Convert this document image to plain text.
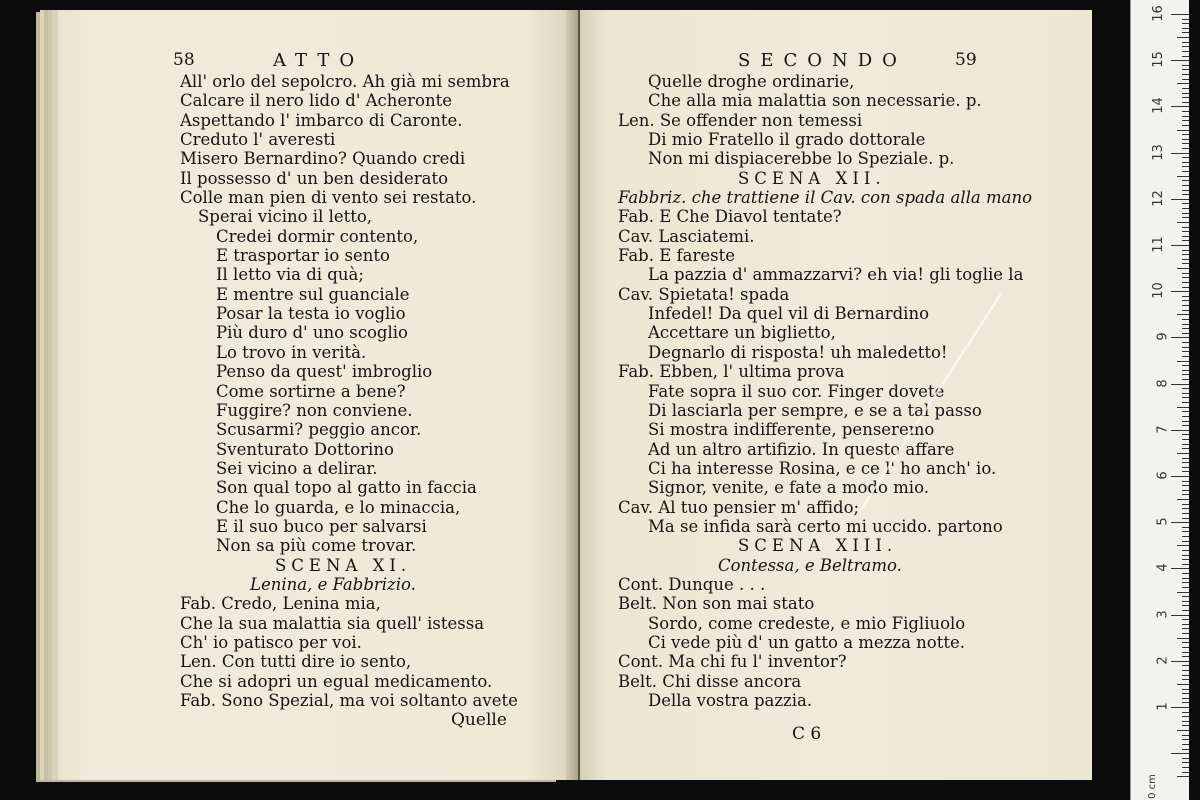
58	ATTO
All' orlo del sepolcro. Ah già mi sembra
Calcare il nero lido d' Acheronte
Aspettando l' imbarco di Caronte.
Creduto l' averesti
Misero Bernardino? Quando credi
Il possesso d' un ben desiderato
Colle man pien di vento sei restato.
Sperai vicino il letto,
Credei dormir contento,
E trasportar io sento
Il letto via di quà;
E mentre sul guanciale
Posar la testa io voglio
Più duro d' uno scoglio
Lo trovo in verità.
Penso da quest' imbroglio
Come sortirne a bene?
Fuggire? non conviene.
Scusarmi? peggio ancor.
Sventurato Dottorino
Sei vicino a delirar.
Son qual topo al gatto in faccia
Che lo guarda, e lo minaccia,
E il suo buco per salvarsi
Non sa più come trovar.
SCENA XI.
Lenina, e Fabbrizio.
Fab. Credo, Lenina mia,
Che la sua malattia sia quell' istessa
Ch' io patisco per voi.
Len. Con tutti dire io sento,
Che si adopri un egual medicamento.
Fab. Sono Spezial, ma voi soltanto avete
Quelle
SECONDO	59
Quelle droghe ordinarie,
Che alla mia malattia son necessarie. p.
Len. Se offender non temessi
Di mio Fratello il grado dottorale
Non mi dispiacerebbe lo Speziale. p.
SCENA XII.
Fabbriz. che trattiene il Cav. con spada alla mano
Fab. E Che Diavol tentate?
Cav. Lasciatemi.
Fab. E fareste
La pazzia d' ammazzarvi? eh via! gli toglie la
Cav. Spietata! spada
Infedel! Da quel vil di Bernardino
Accettare un biglietto,
Degnarlo di risposta! uh maledetto!
Fab. Ebben, l' ultima prova
Fate sopra il suo cor. Finger dovete
Di lasciarla per sempre, e se a tal passo
Si mostra indifferente, penseremo
Ad un altro artifizio. In questo affare
Ci ha interesse Rosina, e ce l' ho anch' io.
Signor, venite, e fate a modo mio.
Cav. Al tuo pensier m' affido;
Ma se infida sarà certo mi uccido. partono
SCENA XIII.
Contessa, e Beltramo.
Cont. Dunque . . .
Belt. Non son mai stato
Sordo, come credeste, e mio Figliuolo
Ci vede più d' un gatto a mezza notte.
Cont. Ma chi fu l' inventor?
Belt. Chi disse ancora
Della vostra pazzia.
C 6
0 cm
16
15
14
13
12
11
10
9
8
7
6
5
4
3
2
1
